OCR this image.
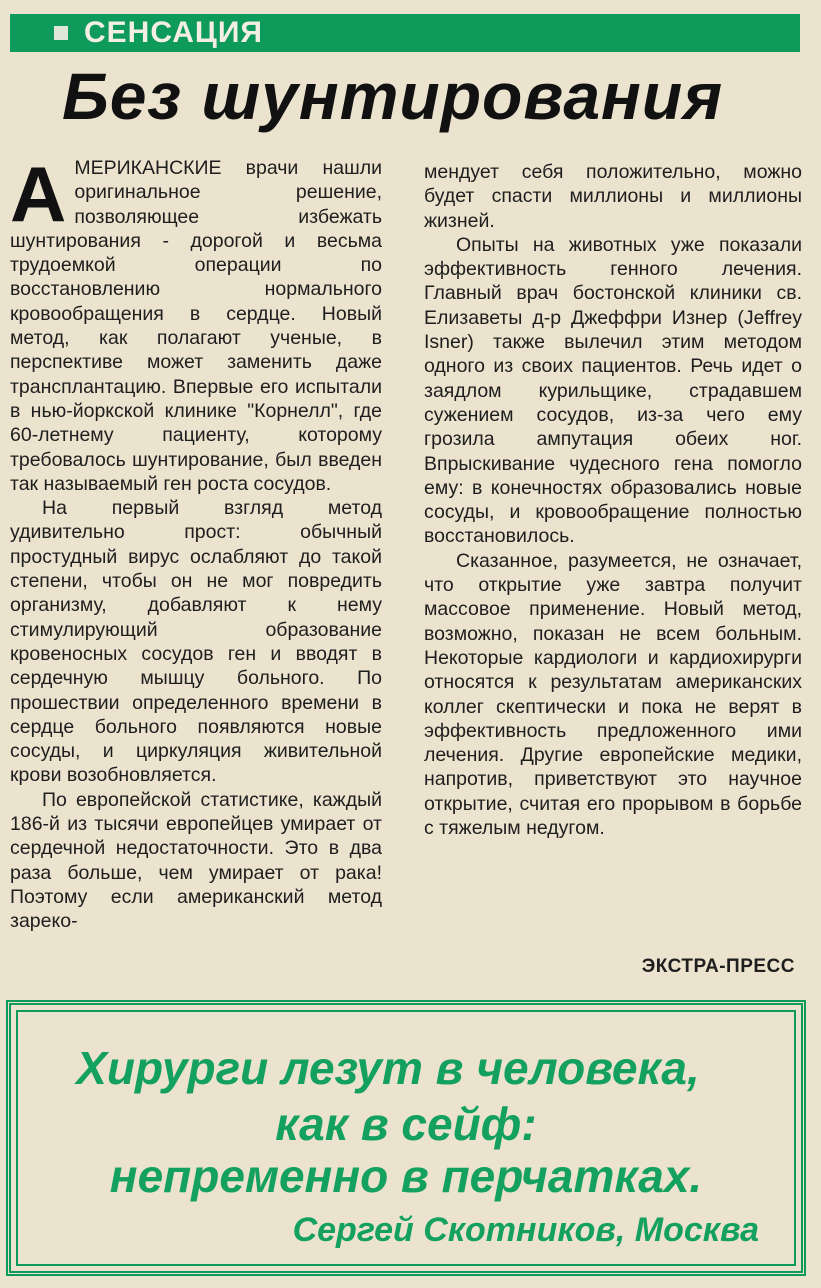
СЕНСАЦИЯ
Без шунтирования

АМЕРИКАНСКИЕ врачи нашли оригинальное решение, позволяющее избежать шунтирования - дорогой и весьма трудоемкой операции по восстановлению нормального кровообращения в сердце. Новый метод, как полагают ученые, в перспективе может заменить даже трансплантацию. Впервые его испытали в нью-йоркской клинике "Корнелл", где 60-летнему пациенту, которому требовалось шунтирование, был введен так называемый ген роста сосудов.

На первый взгляд метод удивительно прост: обычный простудный вирус ослабляют до такой степени, чтобы он не мог повредить организму, добавляют к нему стимулирующий образование кровеносных сосудов ген и вводят в сердечную мышцу больного. По прошествии определенного времени в сердце больного появляются новые сосуды, и циркуляция живительной крови возобновляется.

По европейской статистике, каждый 186-й из тысячи европейцев умирает от сердечной недостаточности. Это в два раза больше, чем умирает от рака! Поэтому если американский метод зареко-

мендует себя положительно, можно будет спасти миллионы и миллионы жизней.

Опыты на животных уже показали эффективность генного лечения. Главный врач бостонской клиники св. Елизаветы д-р Джеффри Изнер (Jeffrey Isner) также вылечил этим методом одного из своих пациентов. Речь идет о заядлом курильщике, страдавшем сужением сосудов, из-за чего ему грозила ампутация обеих ног. Впрыскивание чудесного гена помогло ему: в конечностях образовались новые сосуды, и кровообращение полностью восстановилось.

Сказанное, разумеется, не означает, что открытие уже завтра получит массовое применение. Новый метод, возможно, показан не всем больным. Некоторые кардиологи и кардиохирурги относятся к результатам американских коллег скептически и пока не верят в эффективность предложенного ими лечения. Другие европейские медики, напротив, приветствуют это научное открытие, считая его прорывом в борьбе с тяжелым недугом.

ЭКСТРА-ПРЕСС
Хирурги лезут в человека,
как в сейф:
непременно в перчатках.
Сергей Скотников, Москва
